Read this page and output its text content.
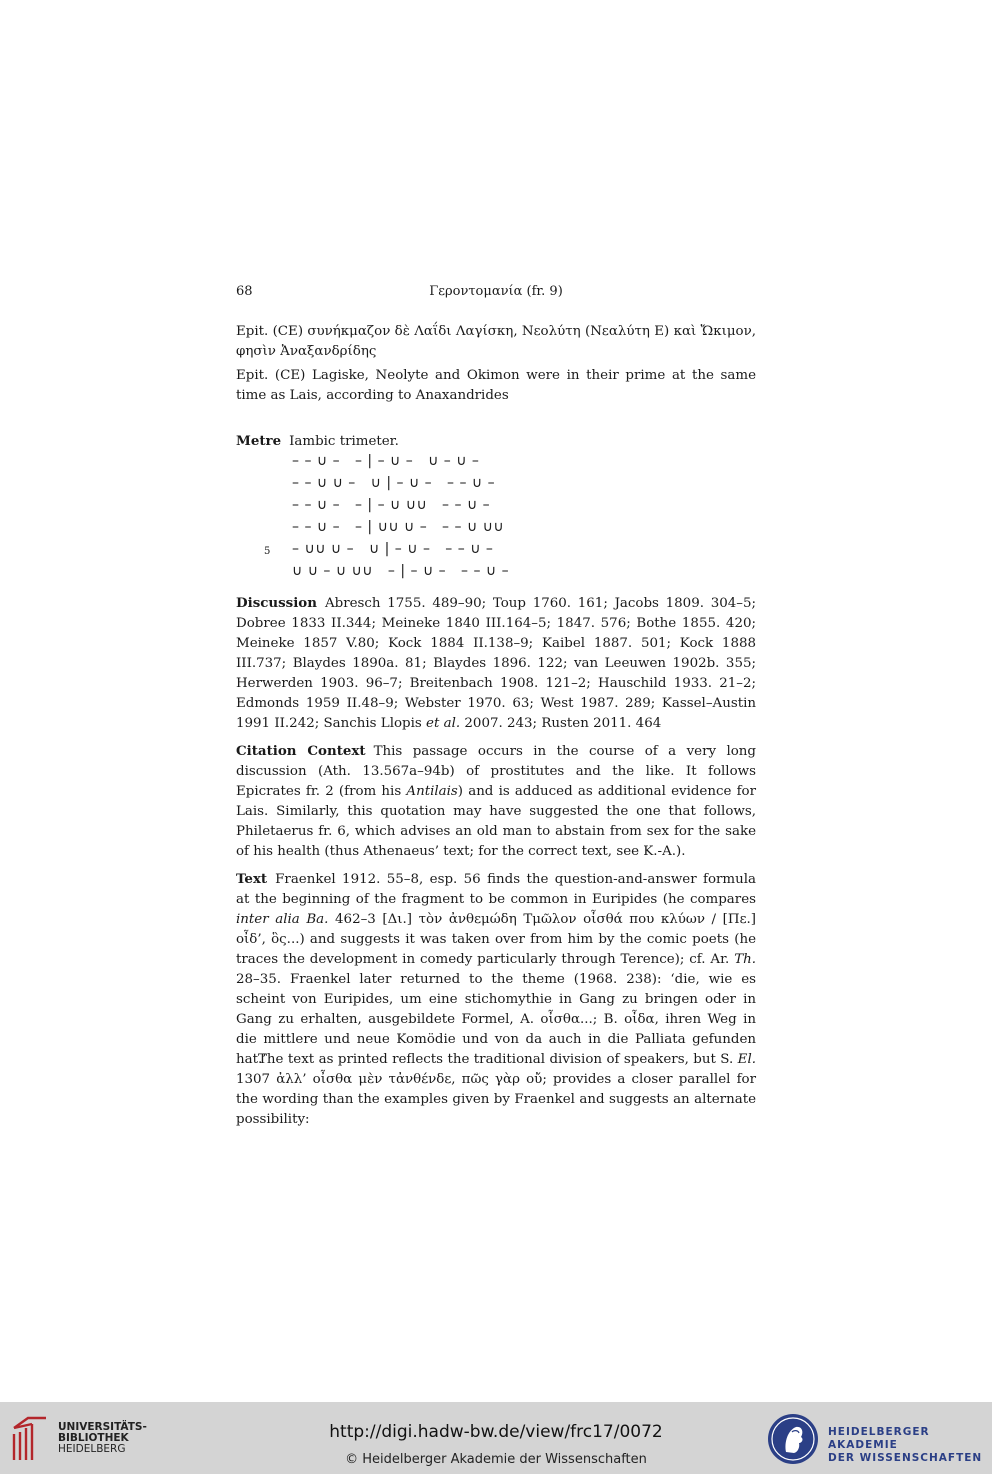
68	Γεροντομανία (fr. 9)
Epit. (CE) συνήκμαζον δὲ Λαΐδι Λαγίσκη, Νεολύτη (Νεαλύτη E) καὶ Ὤκιμον, φησὶν Ἀναξανδρίδης
Epit. (CE) Lagiske, Neolyte and Okimon were in their prime at the same time as Lais, according to Anaxandrides
Metre Iambic trimeter.
– – ∪ –   – | – ∪ –   ∪ – ∪ –
– – ∪ ∪ –   ∪ | – ∪ –   – – ∪ –
– – ∪ –   – | – ∪ ∪∪   – – ∪ –
– – ∪ –   – | ∪∪ ∪ –   – – ∪ ∪∪
5 – ∪∪ ∪ –   ∪ | – ∪ –   – – ∪ –
∪ ∪ – ∪ ∪∪   – | – ∪ –   – – ∪ –
Discussion Abresch 1755. 489–90; Toup 1760. 161; Jacobs 1809. 304–5; Dobree 1833 II.344; Meineke 1840 III.164–5; 1847. 576; Bothe 1855. 420; Meineke 1857 V.80; Kock 1884 II.138–9; Kaibel 1887. 501; Kock 1888 III.737; Blaydes 1890a. 81; Blaydes 1896. 122; van Leeuwen 1902b. 355; Herwerden 1903. 96–7; Breitenbach 1908. 121–2; Hauschild 1933. 21–2; Edmonds 1959 II.48–9; Webster 1970. 63; West 1987. 289; Kassel–Austin 1991 II.242; Sanchis Llopis et al. 2007. 243; Rusten 2011. 464
Citation Context This passage occurs in the course of a very long discussion (Ath. 13.567a–94b) of prostitutes and the like. It follows Epicrates fr. 2 (from his Antilais) and is adduced as additional evidence for Lais. Similarly, this quotation may have suggested the one that follows, Philetaerus fr. 6, which advises an old man to abstain from sex for the sake of his health (thus Athenaeus’ text; for the correct text, see K.-A.).
Text Fraenkel 1912. 55–8, esp. 56 finds the question-and-answer formula at the beginning of the fragment to be common in Euripides (he compares inter alia Ba. 462–3 [Δι.] τὸν ἀνθεμώδη Τμῶλον οἶσθά που κλύων / [Πε.] οἶδ’, ὃς...) and suggests it was taken over from him by the comic poets (he traces the development in comedy particularly through Terence); cf. Ar. Th. 28–35. Fraenkel later returned to the theme (1968. 238): ‘die, wie es scheint von Euripides, um eine stichomythie in Gang zu bringen oder in Gang zu erhalten, ausgebildete Formel, A. οἶσθα...; B. οἶδα, ihren Weg in die mittlere und neue Komödie und von da auch in die Palliata gefunden hat.’
The text as printed reflects the traditional division of speakers, but S. El. 1307 ἀλλ’ οἶσθα μὲν τἀνθένδε, πῶς γὰρ οὔ; provides a closer parallel for the wording than the examples given by Fraenkel and suggests an alternate possibility:
UNIVERSITÄTS-
BIBLIOTHEK
HEIDELBERG
http://digi.hadw-bw.de/view/frc17/0072
© Heidelberger Akademie der Wissenschaften
HEIDELBERGER AKADEMIE
DER WISSENSCHAFTEN
